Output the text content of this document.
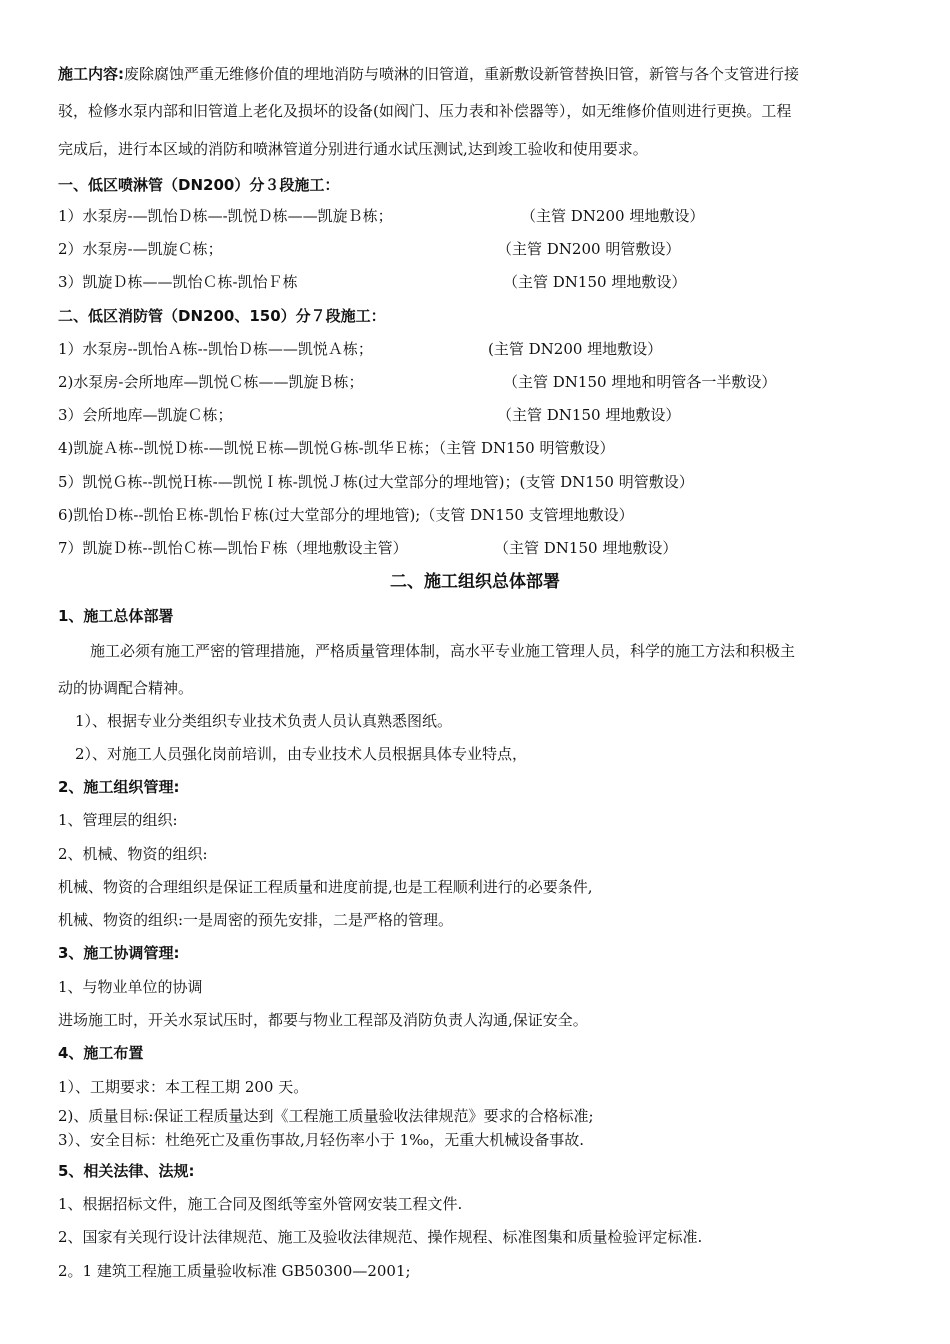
施工内容:废除腐蚀严重无维修价值的埋地消防与喷淋的旧管道，重新敷设新管替换旧管，新管与各个支管进行接
驳，检修水泵内部和旧管道上老化及损坏的设备(如阀门、压力表和补偿器等），如无维修价值则进行更换。工程
完成后，进行本区域的消防和喷淋管道分别进行通水试压测试,达到竣工验收和使用要求。
一、低区喷淋管（DN200）分３段施工：
1）水泵房-—凯怡Ｄ栋—-凯悦Ｄ栋——凯旋Ｂ栋；	（主管 DN200 埋地敷设）
2）水泵房-—凯旋Ｃ栋；	（主管 DN200 明管敷设）
3）凯旋Ｄ栋——凯怡Ｃ栋-凯怡Ｆ栋	（主管 DN150 埋地敷设）
二、低区消防管（DN200、150）分７段施工：
1）水泵房--凯怡Ａ栋--凯怡Ｄ栋——凯悦Ａ栋；	(主管 DN200 埋地敷设）
2)水泵房-会所地库—凯悦Ｃ栋——凯旋Ｂ栋；	（主管 DN150 埋地和明管各一半敷设）
3）会所地库—凯旋Ｃ栋；	（主管 DN150 埋地敷设）
4)凯旋Ａ栋--凯悦Ｄ栋-—凯悦Ｅ栋—凯悦Ｇ栋-凯华Ｅ栋；（主管 DN150 明管敷设）
5）凯悦Ｇ栋--凯悦Ｈ栋-—凯悦Ｉ栋-凯悦Ｊ栋(过大堂部分的埋地管)；(支管 DN150 明管敷设）
6)凯怡Ｄ栋--凯怡Ｅ栋-凯怡Ｆ栋(过大堂部分的埋地管);（支管 DN150 支管埋地敷设）
7）凯旋Ｄ栋--凯怡Ｃ栋—凯怡Ｆ栋（埋地敷设主管）	（主管 DN150 埋地敷设）
二、施工组织总体部署
1、施工总体部署
施工必须有施工严密的管理措施，严格质量管理体制，高水平专业施工管理人员，科学的施工方法和积极主
动的协调配合精神。
1）、根据专业分类组织专业技术负责人员认真熟悉图纸。
2）、对施工人员强化岗前培训，由专业技术人员根据具体专业特点，
2、施工组织管理:
1、管理层的组织:
2、机械、物资的组织:
机械、物资的合理组织是保证工程质量和进度前提,也是工程顺利进行的必要条件,
机械、物资的组织:一是周密的预先安排，二是严格的管理。
3、施工协调管理:
1、与物业单位的协调
进场施工时，开关水泵试压时，都要与物业工程部及消防负责人沟通,保证安全。
4、施工布置
1）、工期要求：本工程工期 200 天。
2)、质量目标:保证工程质量达到《工程施工质量验收法律规范》要求的合格标准;
3）、安全目标：杜绝死亡及重伤事故,月轻伤率小于 1‰，无重大机械设备事故.
5、相关法律、法规:
1、根据招标文件，施工合同及图纸等室外管网安装工程文件.
2、国家有关现行设计法律规范、施工及验收法律规范、操作规程、标准图集和质量检验评定标准.
2。1 建筑工程施工质量验收标准 GB50300—2001;
